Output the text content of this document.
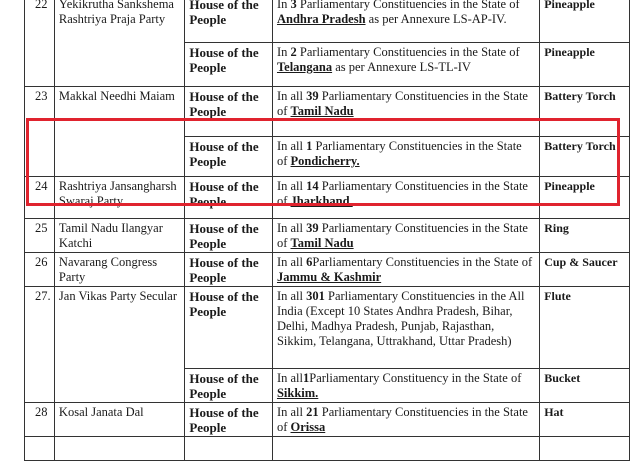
22	Yekikrutha Sankshema Rashtriya Praja Party	House of the People	In 3 Parliamentary Constituencies in the State of Andhra Pradesh as per Annexure LS-AP-IV.	Pineapple
		House of the People	In 2 Parliamentary Constituencies in the State of Telangana as per Annexure LS-TL-IV	Pineapple
23	Makkal Needhi Maiam	House of the People	In all 39 Parliamentary Constituencies in the State of Tamil Nadu	Battery Torch
		House of the People	In all 1 Parliamentary Constituencies in the State of Pondicherry.	Battery Torch
24	Rashtriya Jansangharsh Swaraj Party	House of the People	In all 14 Parliamentary Constituencies in the State of Jharkhand.	Pineapple
25	Tamil Nadu Ilangyar Katchi	House of the People	In all 39 Parliamentary Constituencies in the State of Tamil Nadu	Ring
26	Navarang Congress Party	House of the People	In all 6Parliamentary Constituencies in the State of Jammu & Kashmir	Cup & Saucer
27.	Jan Vikas Party Secular	House of the People	In all 301 Parliamentary Constituencies in the All India (Except 10 States Andhra Pradesh, Bihar, Delhi, Madhya Pradesh, Punjab, Rajasthan, Sikkim, Telangana, Uttrakhand, Uttar Pradesh)	Flute
		House of the People	In all1Parliamentary Constituency in the State of Sikkim.	Bucket
28	Kosal Janata Dal	House of the People	In all 21 Parliamentary Constituencies in the State of Orissa	Hat
